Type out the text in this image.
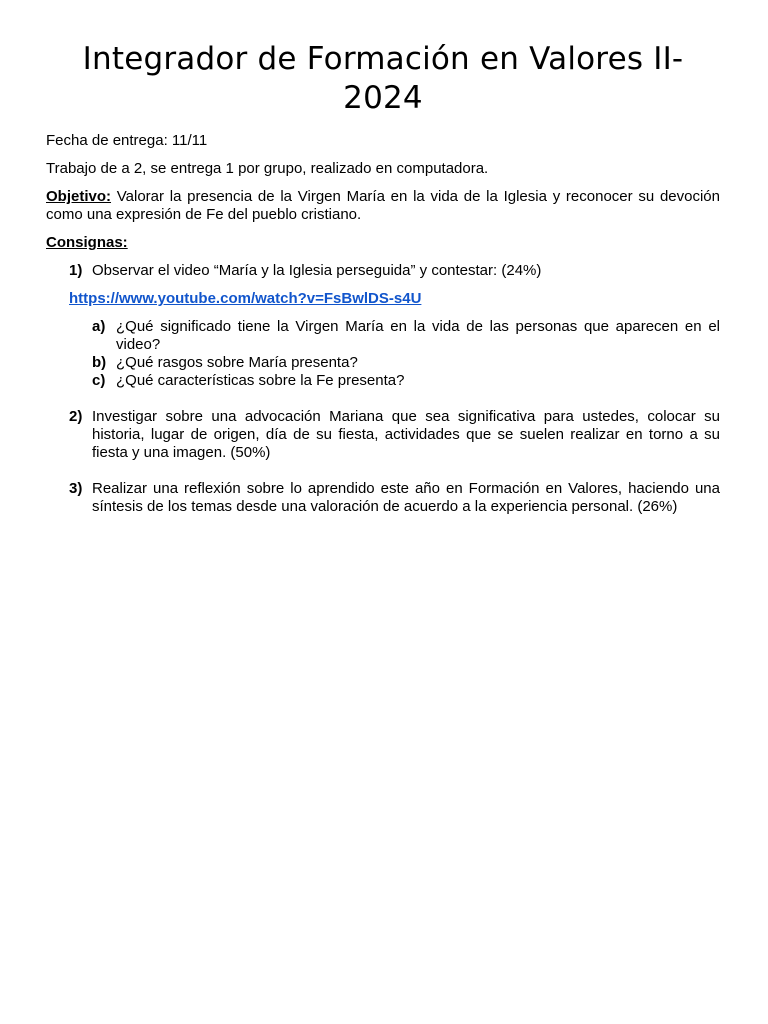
Integrador de Formación en Valores II- 2024

Fecha de entrega: 11/11

Trabajo de a 2, se entrega 1 por grupo, realizado en computadora.

Objetivo: Valorar la presencia de la Virgen María en la vida de la Iglesia y reconocer su devoción como una expresión de Fe del pueblo cristiano.

Consignas:

1) Observar el video “María y la Iglesia perseguida” y contestar: (24%)
https://www.youtube.com/watch?v=FsBwlDS-s4U
a) ¿Qué significado tiene la Virgen María en la vida de las personas que aparecen en el video?
b) ¿Qué rasgos sobre María presenta?
c) ¿Qué características sobre la Fe presenta?
2) Investigar sobre una advocación Mariana que sea significativa para ustedes, colocar su historia, lugar de origen, día de su fiesta, actividades que se suelen realizar en torno a su fiesta y una imagen. (50%)
3) Realizar una reflexión sobre lo aprendido este año en Formación en Valores, haciendo una síntesis de los temas desde una valoración de acuerdo a la experiencia personal. (26%)
